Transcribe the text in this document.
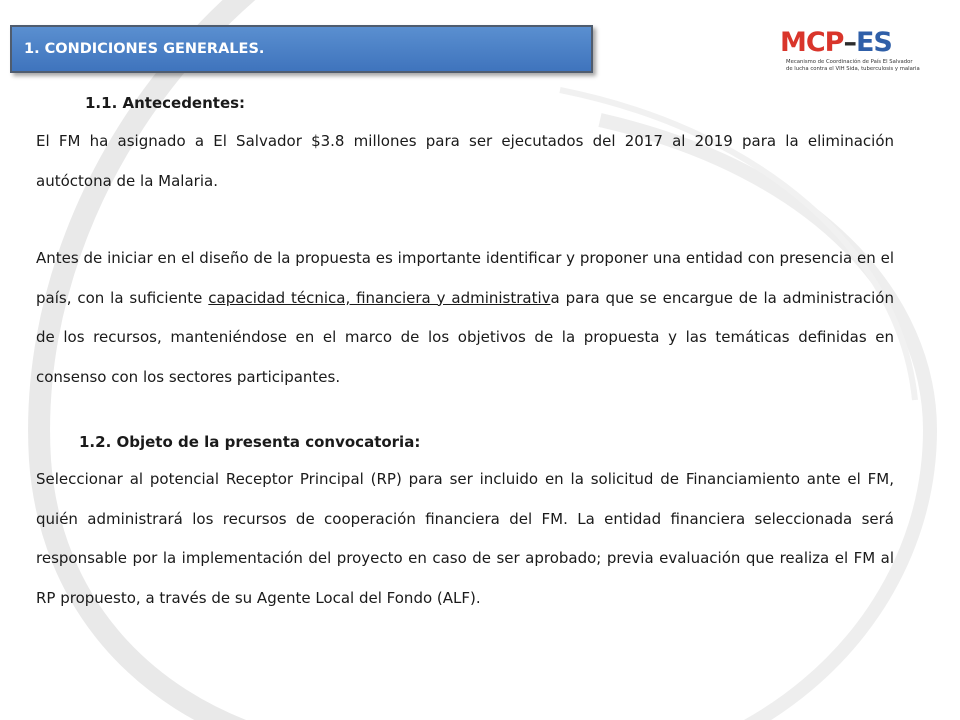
1. CONDICIONES GENERALES.	MCP–ES
Mecanismo de Coordinación de País El Salvador
de lucha contra el VIH Sida, tuberculosis y malaria

1.1. Antecedentes:

El FM ha asignado a El Salvador $3.8 millones para ser ejecutados del 2017 al 2019 para la eliminación autóctona de la Malaria.

Antes de iniciar en el diseño de la propuesta es importante identificar y proponer una entidad con presencia en el país, con la suficiente capacidad técnica, financiera y administrativa para que se encargue de la administración de los recursos, manteniéndose en el marco de los objetivos de la propuesta y las temáticas definidas en consenso con los sectores participantes.

1.2. Objeto de la presenta convocatoria:

Seleccionar al potencial Receptor Principal (RP) para ser incluido en la solicitud de Financiamiento ante el FM, quién administrará los recursos de cooperación financiera del FM. La entidad financiera seleccionada será responsable por la implementación del proyecto en caso de ser aprobado; previa evaluación que realiza el FM al RP propuesto, a través de su Agente Local del Fondo (ALF).
